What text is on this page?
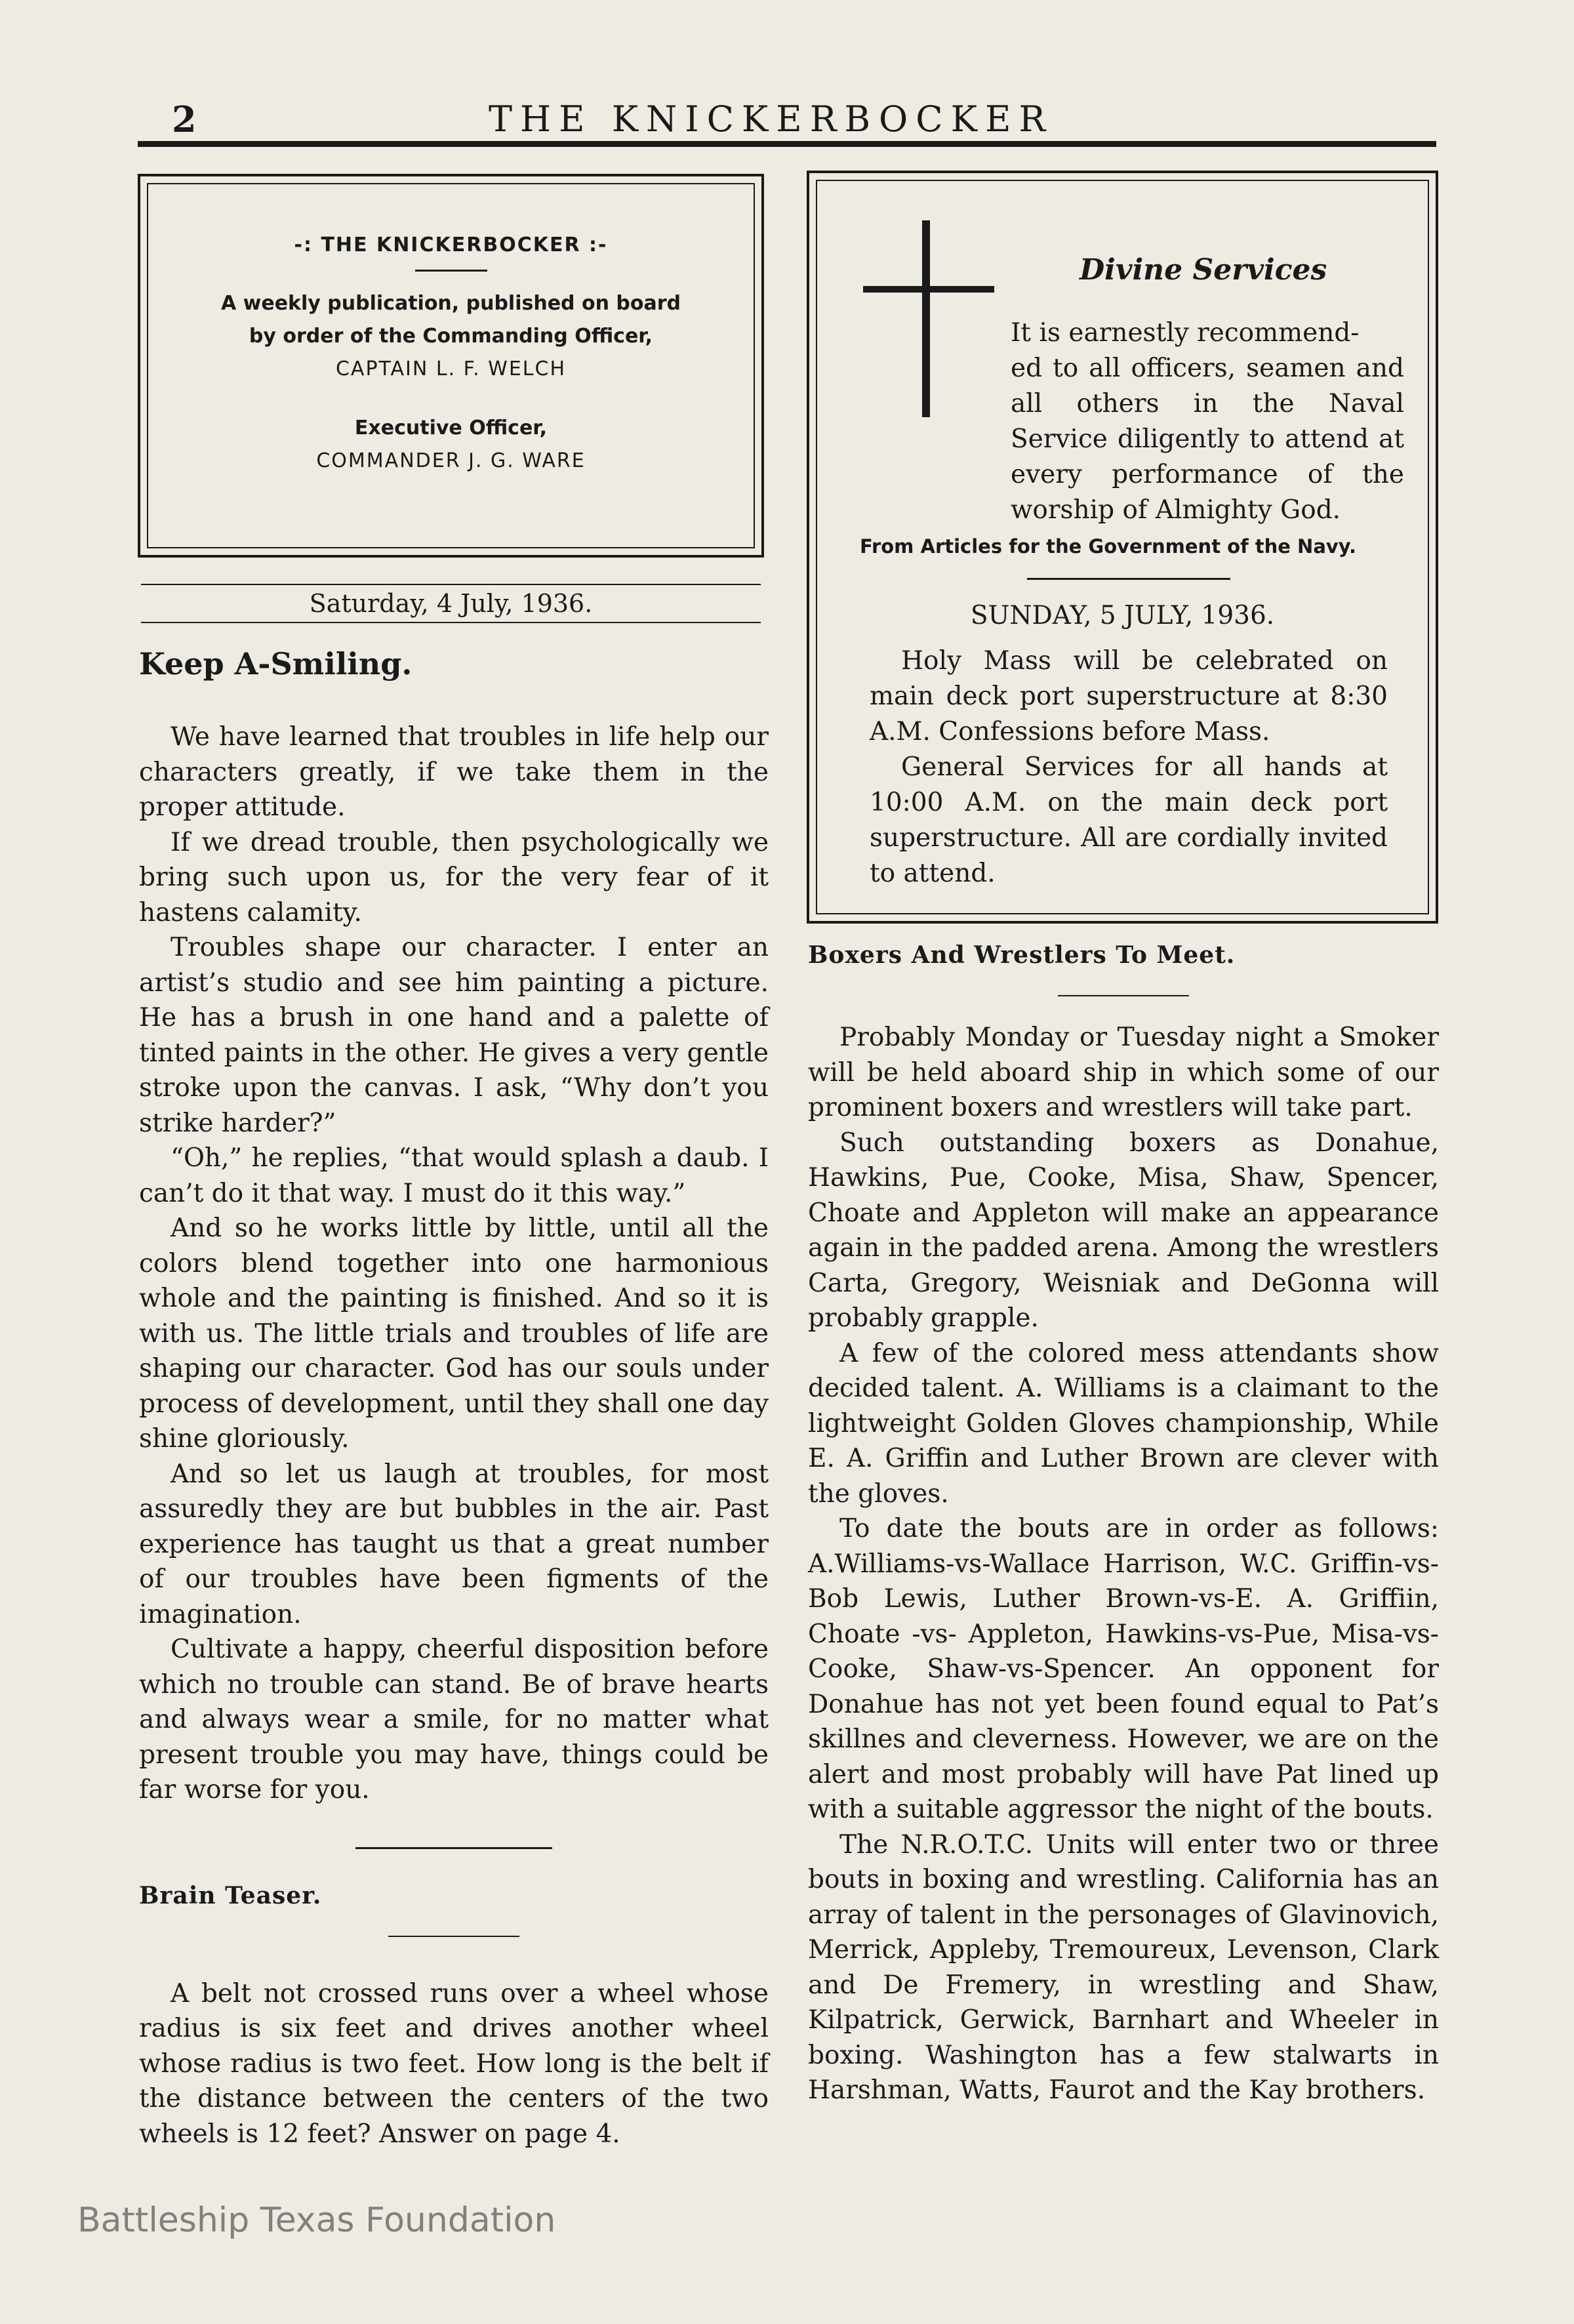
2	THE KNICKERBOCKER
-: THE KNICKERBOCKER :-
A weekly publication, published on board
by order of the Commanding Officer,
CAPTAIN L. F. WELCH
Executive Officer,
COMMANDER J. G. WARE
Saturday, 4 July, 1936.
Keep A-Smiling.

We have learned that troubles in life help our characters greatly, if we take them in the proper attitude.

If we dread trouble, then psychologically we bring such upon us, for the very fear of it hastens calamity.

Troubles shape our character. I enter an artist’s studio and see him painting a picture. He has a brush in one hand and a palette of tinted paints in the other. He gives a very gentle stroke upon the canvas. I ask, “Why don’t you strike harder?”

“Oh,” he replies, “that would splash a daub. I can’t do it that way. I must do it this way.”

And so he works little by little, until all the colors blend together into one harmonious whole and the painting is finished. And so it is with us. The little trials and troubles of life are shaping our character. God has our souls under process of development, until they shall one day shine gloriously.

And so let us laugh at troubles, for most assuredly they are but bubbles in the air. Past experience has taught us that a great number of our troubles have been figments of the imagination.

Cultivate a happy, cheerful disposition before which no trouble can stand. Be of brave hearts and always wear a smile, for no matter what present trouble you may have, things could be far worse for you.

Brain Teaser.

A belt not crossed runs over a wheel whose radius is six feet and drives another wheel whose radius is two feet. How long is the belt if the distance between the centers of the two wheels is 12 feet? Answer on page 4.

Divine Services
It is earnestly recommend-
ed to all officers, seamen and all others in the Naval Service diligently to attend at every performance of the worship of Almighty God.
From Articles for the Government of the Navy.
SUNDAY, 5 JULY, 1936.

Holy Mass will be celebrated on main deck port superstructure at 8:30 A.M. Confessions before Mass.

General Services for all hands at 10:00 A.M. on the main deck port superstructure. All are cordially invited to attend.

Boxers And Wrestlers To Meet.

Probably Monday or Tuesday night a Smoker will be held aboard ship in which some of our prominent boxers and wrestlers will take part.

Such outstanding boxers as Donahue, Hawkins, Pue, Cooke, Misa, Shaw, Spencer, Choate and Appleton will make an appearance again in the padded arena. Among the wrestlers Carta, Gregory, Weisniak and DeGonna will probably grapple.

A few of the colored mess attendants show decided talent. A. Williams is a claimant to the lightweight Golden Gloves championship, While E. A. Griffin and Luther Brown are clever with the gloves.

To date the bouts are in order as follows: A.Williams-vs-Wallace Harrison, W.C. Griffin-vs-Bob Lewis, Luther Brown-vs-E. A. Griffiin, Choate -vs- Appleton, Hawkins-vs-Pue, Misa-vs-Cooke, Shaw-vs-Spencer. An opponent for Donahue has not yet been found equal to Pat’s skillnes and cleverness. However, we are on the alert and most probably will have Pat lined up with a suitable aggressor the night of the bouts.

The N.R.O.T.C. Units will enter two or three bouts in boxing and wrestling. California has an array of talent in the personages of Glavinovich, Merrick, Appleby, Tremoureux, Levenson, Clark and De Fremery, in wrestling and Shaw, Kilpatrick, Gerwick, Barnhart and Wheeler in boxing. Washington has a few stalwarts in Harshman, Watts, Faurot and the Kay brothers.

Battleship Texas Foundation
